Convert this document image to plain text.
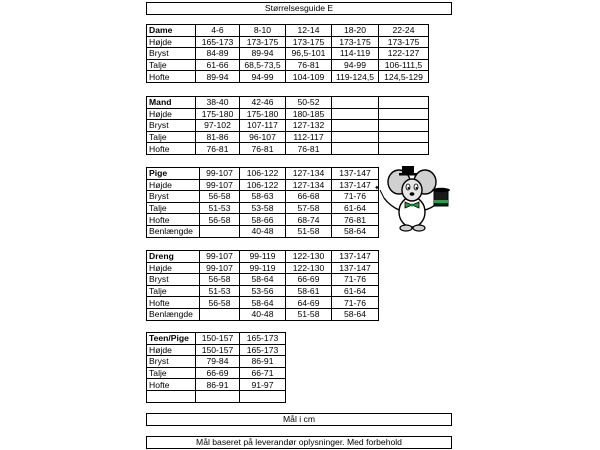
Størrelsesguide E
Dame	4-6	8-10	12-14	18-20	22-24
Højde	165-173	173-175	173-175	173-175	173-175
Bryst	84-89	89-94	96,5-101	114-119	122-127
Talje	61-66	68,5-73,5	76-81	94-99	106-111,5
Hofte	89-94	94-99	104-109	119-124,5	124,5-129
Mand	38-40	42-46	50-52		
Højde	175-180	175-180	180-185		
Bryst	97-102	107-117	127-132		
Talje	81-86	96-107	112-117		
Hofte	76-81	76-81	76-81		
Pige	99-107	106-122	127-134	137-147
Højde	99-107	106-122	127-134	137-147
Bryst	56-58	58-63	66-68	71-76
Talje	51-53	53-58	57-58	61-64
Hofte	56-58	58-66	68-74	76-81
Benlængde		40-48	51-58	58-64
Dreng	99-107	99-119	122-130	137-147
Højde	99-107	99-119	122-130	137-147
Bryst	56-58	58-64	66-69	71-76
Talje	51-53	53-56	58-61	61-64
Hofte	56-58	58-64	64-69	71-76
Benlængde		40-48	51-58	58-64
Teen/Pige	150-157	165-173
Højde	150-157	165-173
Bryst	79-84	86-91
Talje	66-69	66-71
Hofte	86-91	91-97

✦
Mål i cm
Mål baseret på leverandør oplysninger. Med forbehold
